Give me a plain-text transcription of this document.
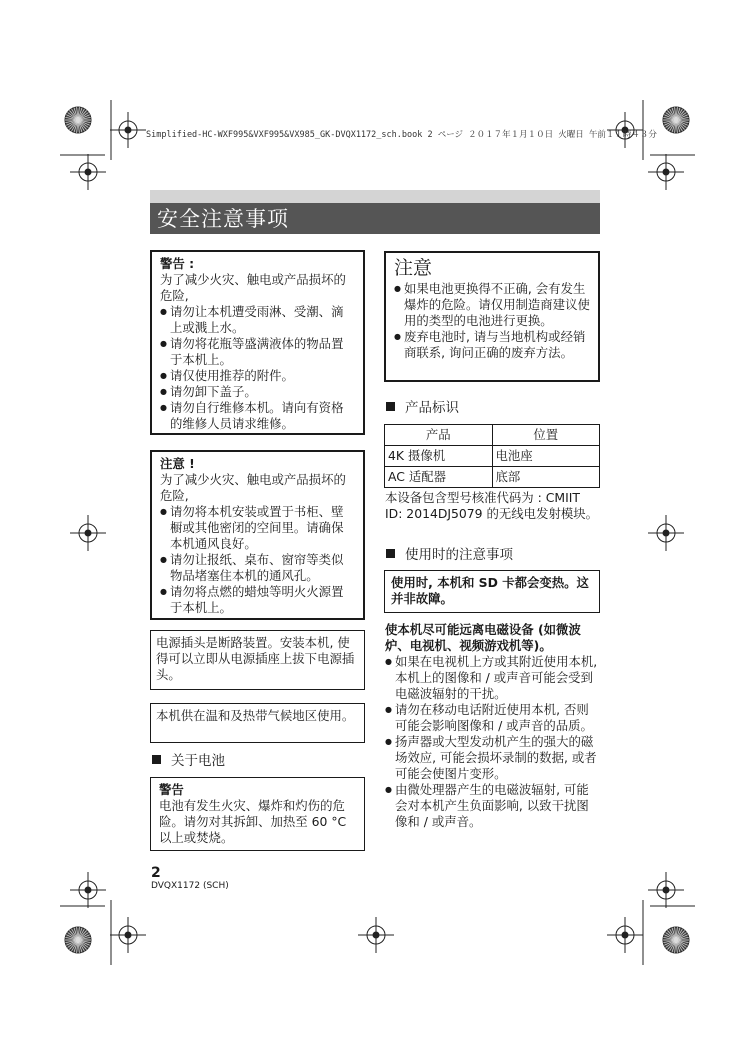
Simplified-HC-WXF995&VXF995&VX985_GK-DVQX1172_sch.book 2 ページ ２０１７年１月１０日 火曜日 午前１１時４３分
安全注意事项
警告 :
为了减少火灾、触电或产品损坏的危险,
● 请勿让本机遭受雨淋、受潮、滴上或溅上水。
● 请勿将花瓶等盛满液体的物品置于本机上。
● 请仅使用推荐的附件。
● 请勿卸下盖子。
● 请勿自行维修本机。请向有资格的维修人员请求维修。
注意 !
为了减少火灾、触电或产品损坏的危险,
● 请勿将本机安装或置于书柜、壁橱或其他密闭的空间里。请确保本机通风良好。
● 请勿让报纸、桌布、窗帘等类似物品堵塞住本机的通风孔。
● 请勿将点燃的蜡烛等明火火源置于本机上。
电源插头是断路装置。安装本机, 使得可以立即从电源插座上拔下电源插头。
本机供在温和及热带气候地区使用。
关于电池
警告
电池有发生火灾、爆炸和灼伤的危险。请勿对其拆卸、加热至 60 °C 以上或焚烧。
注意
● 如果电池更换得不正确, 会有发生爆炸的危险。请仅用制造商建议使用的类型的电池进行更换。
● 废弃电池时, 请与当地机构或经销商联系, 询问正确的废弃方法。
产品标识
产品	位置
4K 摄像机	电池座
AC 适配器	底部
本设备包含型号核准代码为 : CMIIT ID: 2014DJ5079 的无线电发射模块。
使用时的注意事项
使用时, 本机和 SD 卡都会变热。这并非故障。
使本机尽可能远离电磁设备 (如微波炉、电视机、视频游戏机等)。
● 如果在电视机上方或其附近使用本机, 本机上的图像和 / 或声音可能会受到电磁波辐射的干扰。
● 请勿在移动电话附近使用本机, 否则可能会影响图像和 / 或声音的品质。
● 扬声器或大型发动机产生的强大的磁场效应, 可能会损坏录制的数据, 或者可能会使图片变形。
● 由微处理器产生的电磁波辐射, 可能会对本机产生负面影响, 以致干扰图像和 / 或声音。
2
DVQX1172 (SCH)
